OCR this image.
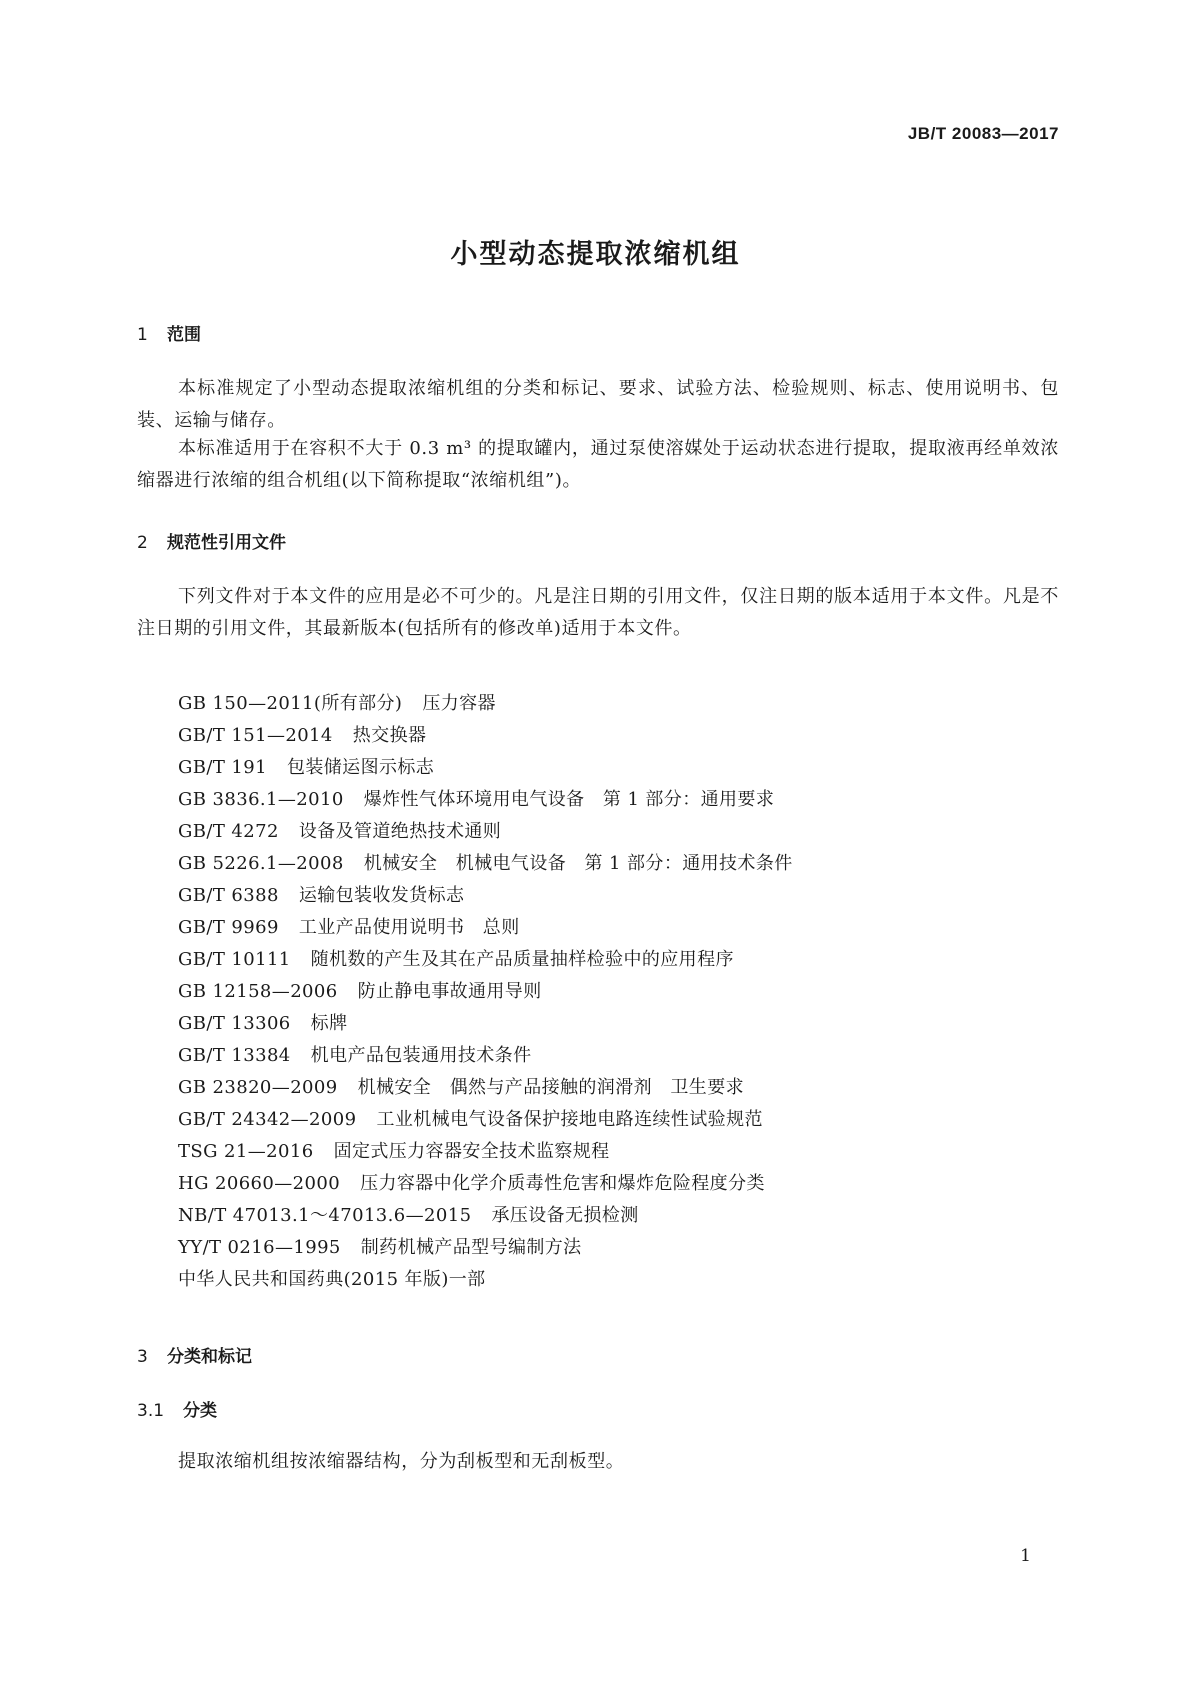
JB/T 20083—2017
小型动态提取浓缩机组
1 范围

本标准规定了小型动态提取浓缩机组的分类和标记、要求、试验方法、检验规则、标志、使用说明书、包装、运输与储存。

本标准适用于在容积不大于 0.3 m³ 的提取罐内，通过泵使溶媒处于运动状态进行提取，提取液再经单效浓缩器进行浓缩的组合机组(以下简称提取“浓缩机组”)。

2 规范性引用文件

下列文件对于本文件的应用是必不可少的。凡是注日期的引用文件，仅注日期的版本适用于本文件。凡是不注日期的引用文件，其最新版本(包括所有的修改单)适用于本文件。

GB 150—2011(所有部分) 压力容器
GB/T 151—2014 热交换器
GB/T 191 包装储运图示标志
GB 3836.1—2010 爆炸性气体环境用电气设备　第 1 部分：通用要求
GB/T 4272 设备及管道绝热技术通则
GB 5226.1—2008 机械安全　机械电气设备　第 1 部分：通用技术条件
GB/T 6388 运输包装收发货标志
GB/T 9969 工业产品使用说明书　总则
GB/T 10111 随机数的产生及其在产品质量抽样检验中的应用程序
GB 12158—2006 防止静电事故通用导则
GB/T 13306 标牌
GB/T 13384 机电产品包装通用技术条件
GB 23820—2009 机械安全　偶然与产品接触的润滑剂　卫生要求
GB/T 24342—2009 工业机械电气设备保护接地电路连续性试验规范
TSG 21—2016 固定式压力容器安全技术监察规程
HG 20660—2000 压力容器中化学介质毒性危害和爆炸危险程度分类
NB/T 47013.1～47013.6—2015 承压设备无损检测
YY/T 0216—1995 制药机械产品型号编制方法
中华人民共和国药典(2015 年版)一部
3 分类和标记
3.1 分类

提取浓缩机组按浓缩器结构，分为刮板型和无刮板型。

1
